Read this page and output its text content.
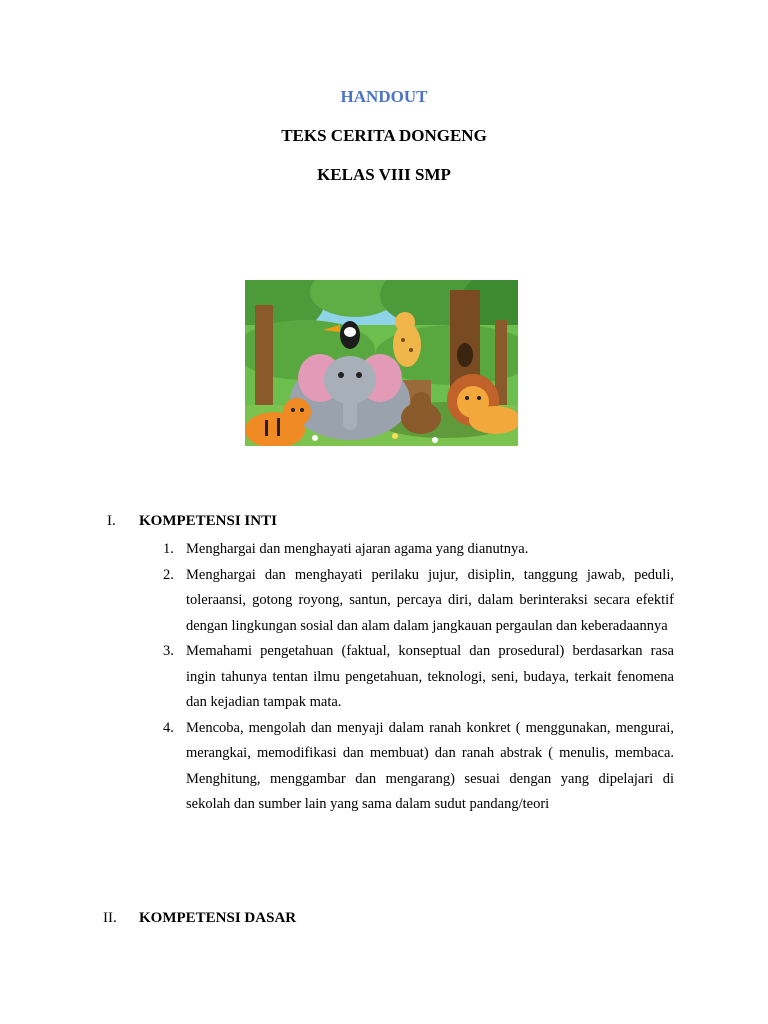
HANDOUT
TEKS CERITA DONGENG
KELAS VIII SMP
I. KOMPETENSI INTI
1. Menghargai dan menghayati ajaran agama yang dianutnya.
2. Menghargai dan menghayati perilaku jujur, disiplin, tanggung jawab, peduli, toleraansi, gotong royong, santun, percaya diri, dalam berinteraksi secara efektif dengan lingkungan sosial dan alam dalam jangkauan pergaulan dan keberadaannya
3. Memahami pengetahuan (faktual, konseptual dan prosedural) berdasarkan rasa ingin tahunya tentan ilmu pengetahuan, teknologi, seni, budaya, terkait fenomena dan kejadian tampak mata.
4. Mencoba, mengolah dan menyaji dalam ranah konkret ( menggunakan, mengurai, merangkai, memodifikasi dan membuat) dan ranah abstrak ( menulis, membaca. Menghitung, menggambar dan mengarang) sesuai dengan yang dipelajari di sekolah dan sumber lain yang sama dalam sudut pandang/teori
II. KOMPETENSI DASAR
